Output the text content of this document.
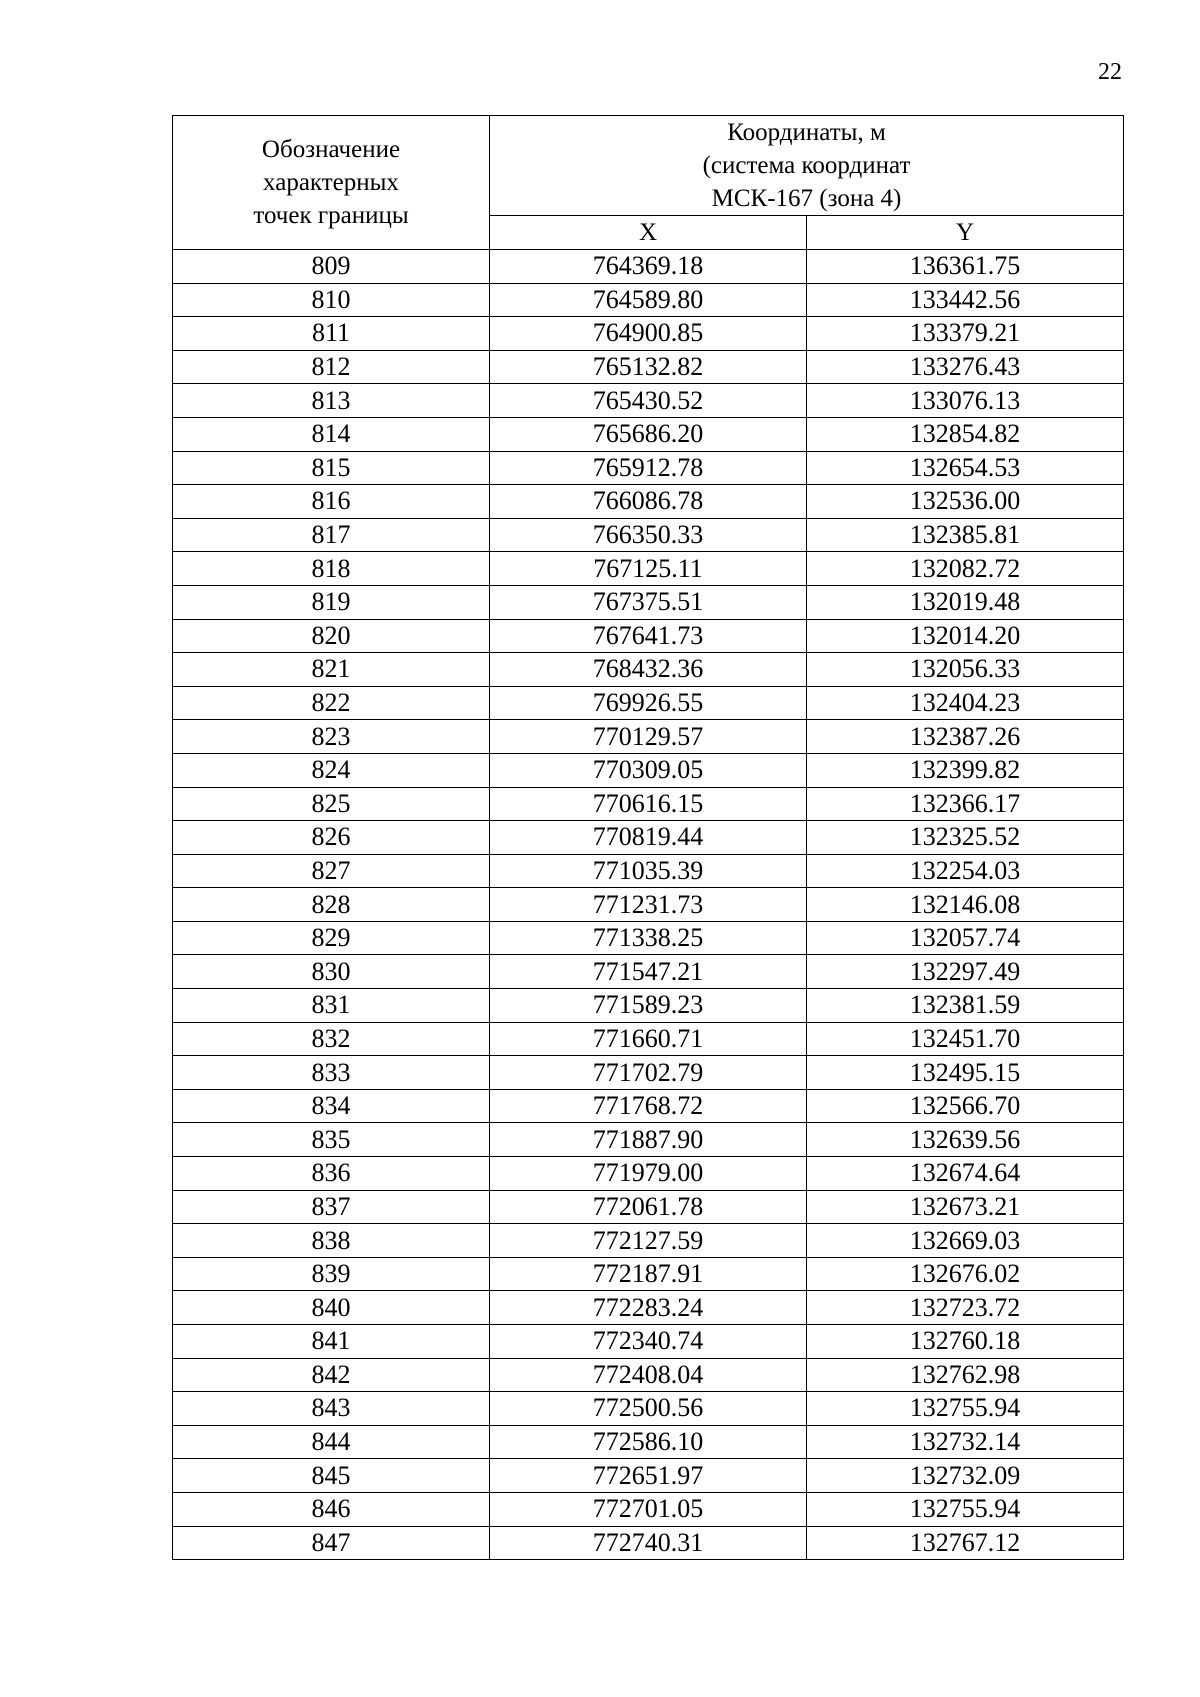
22
Обозначение
характерных
точек границы	Координаты, м
(система координат
МСК-167 (зона 4)	

	X	Y
809	764369.18	136361.75
810	764589.80	133442.56
811	764900.85	133379.21
812	765132.82	133276.43
813	765430.52	133076.13
814	765686.20	132854.82
815	765912.78	132654.53
816	766086.78	132536.00
817	766350.33	132385.81
818	767125.11	132082.72
819	767375.51	132019.48
820	767641.73	132014.20
821	768432.36	132056.33
822	769926.55	132404.23
823	770129.57	132387.26
824	770309.05	132399.82
825	770616.15	132366.17
826	770819.44	132325.52
827	771035.39	132254.03
828	771231.73	132146.08
829	771338.25	132057.74
830	771547.21	132297.49
831	771589.23	132381.59
832	771660.71	132451.70
833	771702.79	132495.15
834	771768.72	132566.70
835	771887.90	132639.56
836	771979.00	132674.64
837	772061.78	132673.21
838	772127.59	132669.03
839	772187.91	132676.02
840	772283.24	132723.72
841	772340.74	132760.18
842	772408.04	132762.98
843	772500.56	132755.94
844	772586.10	132732.14
845	772651.97	132732.09
846	772701.05	132755.94
847	772740.31	132767.12
